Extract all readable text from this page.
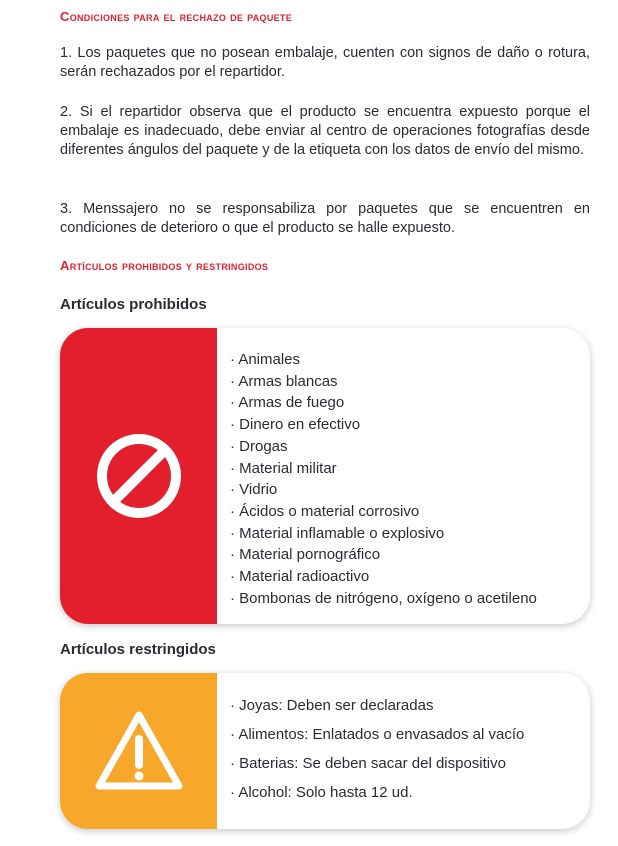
Condiciones para el rechazo de paquete

1. Los paquetes que no posean embalaje, cuenten con signos de daño o rotura, serán rechazados por el repartidor.

2. Si el repartidor observa que el producto se encuentra expuesto porque el embalaje es inadecuado, debe enviar al centro de operaciones fotografías desde diferentes ángulos del paquete y de la etiqueta con los datos de envío del mismo.

3. Menssajero no se responsabiliza por paquetes que se encuentren en condiciones de deterioro o que el producto se halle expuesto.

Artículos prohibidos y restringidos
Artículos prohibidos
· Animales
· Armas blancas
· Armas de fuego
· Dinero en efectivo
· Drogas
· Material militar
· Vidrio
· Ácidos o material corrosivo
· Material inflamable o explosivo
· Material pornográfico
· Material radioactivo
· Bombonas de nitrógeno, oxígeno o acetileno
Artículos restringidos
· Joyas: Deben ser declaradas
· Alimentos: Enlatados o envasados al vacío
· Baterias: Se deben sacar del dispositivo
· Alcohol: Solo hasta 12 ud.
